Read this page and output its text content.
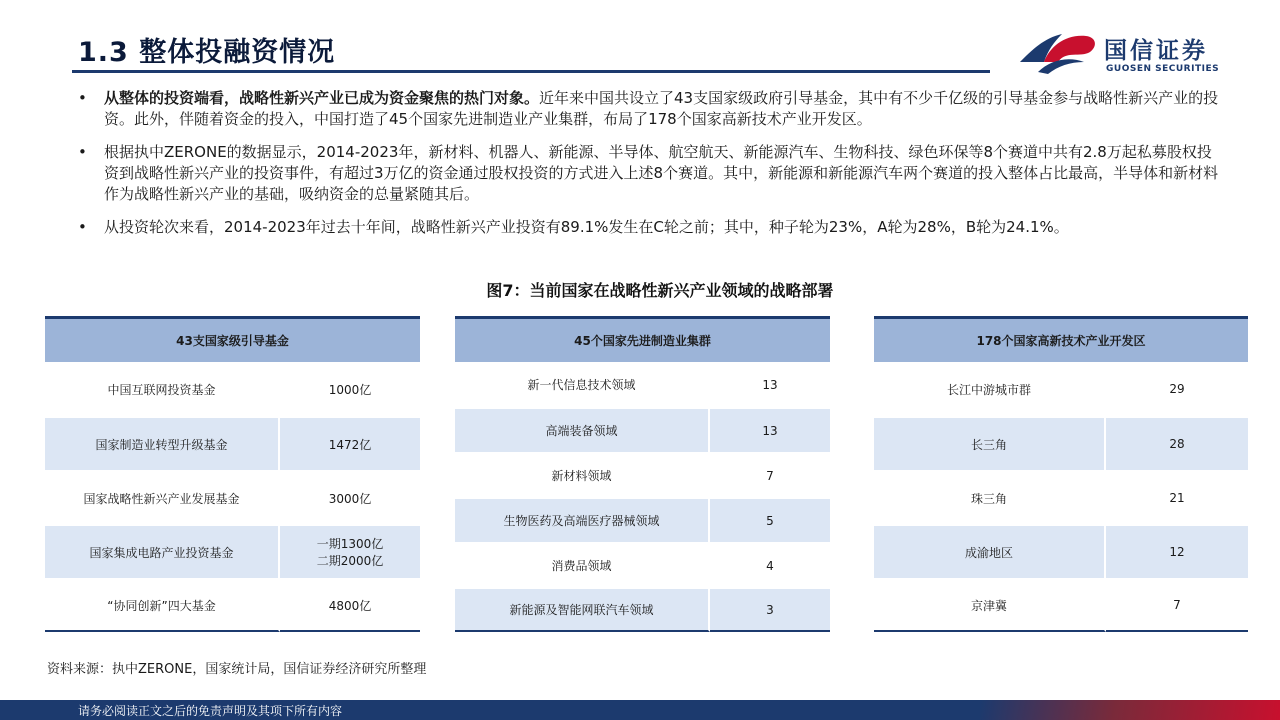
1.3 整体投融资情况	国信证券
GUOSEN SECURITIES
• 从整体的投资端看，战略性新兴产业已成为资金聚焦的热门对象。近年来中国共设立了43支国家级政府引导基金，其中有不少千亿级的引导基金参与战略性新兴产业的投资。此外，伴随着资金的投入，中国打造了45个国家先进制造业产业集群，布局了178个国家高新技术产业开发区。
• 根据执中ZERONE的数据显示，2014-2023年，新材料、机器人、新能源、半导体、航空航天、新能源汽车、生物科技、绿色环保等8个赛道中共有2.8万起私募股权投资到战略性新兴产业的投资事件，有超过3万亿的资金通过股权投资的方式进入上述8个赛道。其中，新能源和新能源汽车两个赛道的投入整体占比最高，半导体和新材料作为战略性新兴产业的基础，吸纳资金的总量紧随其后。
• 从投资轮次来看，2014-2023年过去十年间，战略性新兴产业投资有89.1%发生在C轮之前；其中，种子轮为23%，A轮为28%，B轮为24.1%。
图7：当前国家在战略性新兴产业领域的战略部署
43支国家级引导基金	
中国互联网投资基金	1000亿
国家制造业转型升级基金	1472亿
国家战略性新兴产业发展基金	3000亿
国家集成电路产业投资基金	一期1300亿
二期2000亿

“协同创新”四大基金	4800亿
45个国家先进制造业集群	
新一代信息技术领域	13
高端装备领域	13
新材料领域	7
生物医药及高端医疗器械领域	5
消费品领域	4
新能源及智能网联汽车领域	3
178个国家高新技术产业开发区	
长江中游城市群	29
长三角	28
珠三角	21
成渝地区	12
京津冀	7
资料来源：执中ZERONE，国家统计局，国信证券经济研究所整理
请务必阅读正文之后的免责声明及其项下所有内容
